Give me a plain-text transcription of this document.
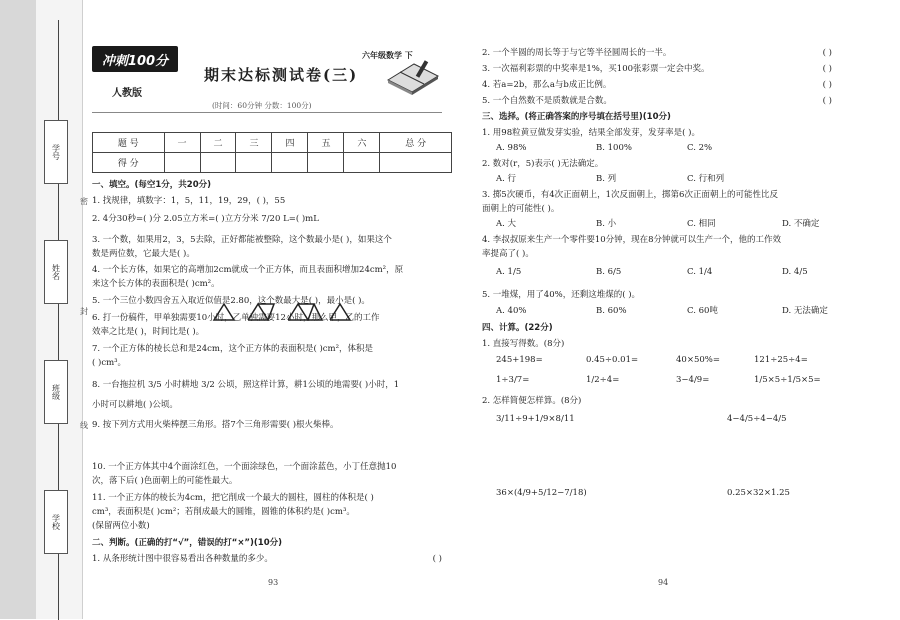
学号
姓名
班级
学校
密
封
线
冲刺100分
人教版
期末达标测试卷(三)
六年级数学 下
(时间：60分钟 分数：100分)
题 号	一	二	三	四	五	六	总 分
得 分							
一、填空。(每空1分，共20分)
1. 找规律，填数字：1，5，11，19，29，( )，55
2. 4分30秒=( )分 2.05立方米=( )立方分米 7/20 L=( )mL
3. 一个数，如果用2，3，5去除，正好都能被整除，这个数最小是( )，如果这个
数是两位数，它最大是( )。
4. 一个长方体，如果它的高增加2cm就成一个正方体，而且表面积增加24cm²，原
来这个长方体的表面积是( )cm²。
5. 一个三位小数四舍五入取近似值是2.80，这个数最大是( )，最小是( )。
6. 打一份稿件，甲单独需要10小时，乙单独需要12小时，那么甲，乙的工作
效率之比是( )，时间比是( )。
7. 一个正方体的棱长总和是24cm，这个正方体的表面积是( )cm²，体积是
( )cm³。
8. 一台拖拉机 3/5 小时耕地 3/2 公顷，照这样计算，耕1公顷的地需要( )小时，1
小时可以耕地( )公顷。
9. 按下列方式用火柴棒摆三角形。搭7个三角形需要( )根火柴棒。
10. 一个正方体其中4个面涂红色，一个面涂绿色，一个面涂蓝色，小丁任意抛10
次，落下后( )色面朝上的可能性最大。
11. 一个正方体的棱长为4cm，把它削成一个最大的圆柱，圆柱的体积是( )
cm³，表面积是( )cm²；若削成最大的圆锥，圆锥的体积约是( )cm³。
(保留两位小数)
二、判断。(正确的打“√”，错误的打“×”)(10分)
1. 从条形统计图中很容易看出各种数量的多少。	( )
93
2. 一个半圆的周长等于与它等半径圆周长的一半。	( )
3. 一次福利彩票的中奖率是1%，买100张彩票一定会中奖。	( )
4. 若a=2b，那么a与b成正比例。	( )
5. 一个自然数不是质数就是合数。	( )
三、选择。(将正确答案的序号填在括号里)(10分)
1. 用98粒黄豆做发芽实验，结果全部发芽，发芽率是( )。
A. 98%	B. 100%	C. 2%
2. 数对(r，5)表示( )无法确定。
A. 行	B. 列	C. 行和列
3. 掷5次硬币，有4次正面朝上，1次反面朝上，掷第6次正面朝上的可能性比反
面朝上的可能性( )。
A. 大	B. 小	C. 相同	D. 不确定
4. 李叔叔原来生产一个零件要10分钟，现在8分钟就可以生产一个，他的工作效
率提高了( )。
A. 1/5	B. 6/5	C. 1/4	D. 4/5
5. 一堆煤，用了40%，还剩这堆煤的( )。
A. 40%	B. 60%	C. 60吨	D. 无法确定
四、计算。(22分)
1. 直接写得数。(8分)
245+198=	0.45÷0.01=	40×50%=	121÷25÷4=
1÷3/7=	1/2÷4=	3−4/9=	1/5×5÷1/5×5=
2. 怎样简便怎样算。(8分)
3/11÷9+1/9×8/11	4−4/5÷4−4/5
36×(4/9+5/12−7/18)	0.25×32×1.25
94
